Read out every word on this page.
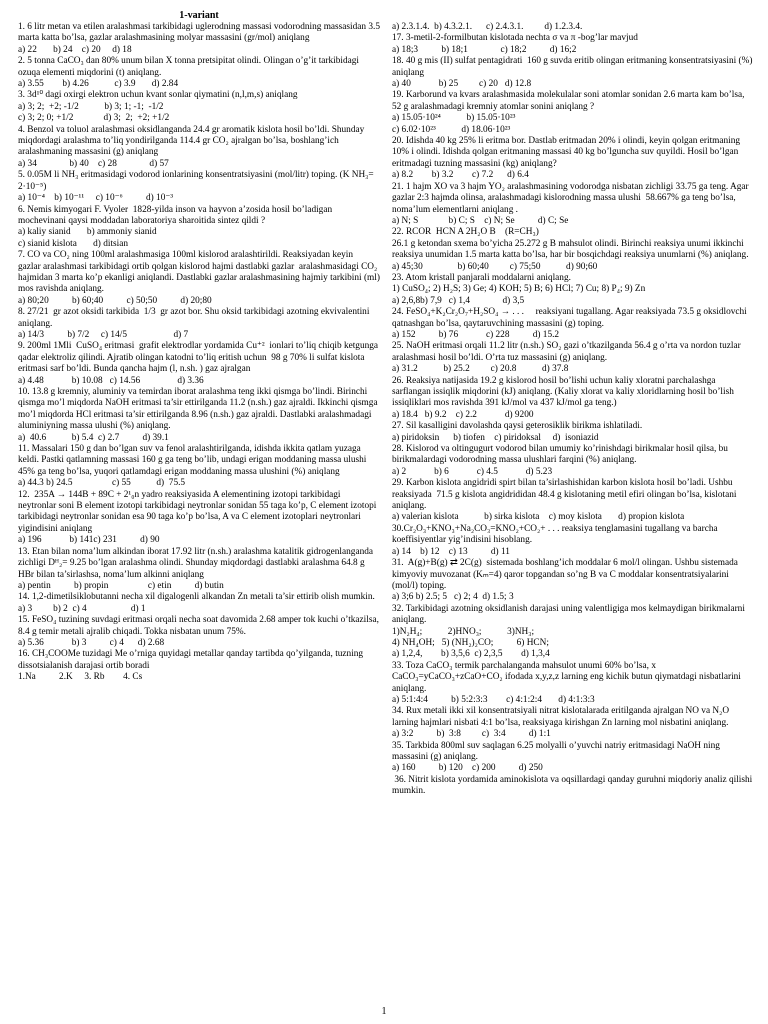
1-variant

1. 6 litr metan va etilen aralashmasi tarkibidagi uglerodning massasi vodorodning massasidan 3.5 marta katta bo’lsa, gazlar aralashmasining molyar massasini (gr/mol) aniqlang

a) 22       b) 24    c) 20     d) 18

2. 5 tonna CaCO₃ dan 80% unum bilan X tonna pretsipitat olindi. Olingan o’g’it tarkibidagi ozuqa elementi miqdorini (t) aniqlang.

a) 3.55        b) 4.26           c) 3.9       d) 2.84

3. 3d¹⁰ dagi oxirgi elektron uchun kvant sonlar qiymatini (n,l,m,s) aniqlang

a) 3; 2;  +2; -1/2           b) 3; 1; -1;  -1/2

c) 3; 2; 0; +1/2             d) 3;  2;  +2; +1/2

4. Benzol va toluol aralashmasi oksidlanganda 24.4 gr aromatik kislota hosil bo’ldi. Shunday miqdordagi aralashma to’liq yondirilganda 114.4 gr CO₂ ajralgan bo’lsa, boshlang’ich aralashmaning massasini (g) aniqlang

a) 34              b) 40    c) 28              d) 57

5. 0.05M li NH₃ eritmasidagi vodorod ionlarining konsentratsiyasini (mol/litr) toping. (K NH₃= 2·10⁻⁵)

a) 10⁻⁴    b) 10⁻¹¹     c) 10⁻⁶          d) 10⁻³

6. Nemis kimyogari F. Vyoler  1828-yilda inson va hayvon a’zosida hosil bo’ladigan mochevinani qaysi moddadan laboratoriya sharoitida sintez qildi ?

a) kaliy sianid       b) ammoniy sianid

c) sianid kislota       d) ditsian

7. CO va CO₂ ning 100ml aralashmasiga 100ml kislorod aralashtirildi. Reaksiyadan keyin  gazlar aralashmasi tarkibidagi ortib qolgan kislorod hajmi dastlabki gazlar  aralashmasidagi CO₂  hajmidan 3 marta ko’p ekanligi aniqlandi. Dastlabki gazlar aralashmasining hajmiy tarkibini (ml) mos ravishda aniqlang.

a) 80;20          b) 60;40          c) 50;50          d) 20;80

8. 27/21  gr azot oksidi tarkibida  1/3  gr azot bor. Shu oksid tarkibidagi azotning ekvivalentini aniqlang.

a) 14/3          b) 7/2     c) 14/5                    d) 7

9. 200ml 1Mli  CuSO₄ eritmasi  grafit elektrodlar yordamida Cu⁺²  ionlari to’liq chiqib ketgunga qadar elektroliz qilindi. Ajratib olingan katodni to’liq eritish uchun  98 g 70% li sulfat kislota eritmasi sarf bo’ldi. Bunda qancha hajm (l, n.sh. ) gaz ajralgan

a) 4.48            b) 10.08   c) 14.56                d) 3.36

10. 13.8 g kremniy, aluminiy va temirdan iborat aralashma teng ikki qismga bo’lindi. Birinchi qismga mo’l miqdorda NaOH eritmasi ta’sir ettirilganda 11.2 (n.sh.) gaz ajraldi. Ikkinchi qismga mo’l miqdorda HCl eritmasi ta’sir ettirilganda 8.96 (n.sh.) gaz ajraldi. Dastlabki aralashmadagi aluminiyning massa ulushi (%) aniqlang.

a)  40.6           b) 5.4  c) 2.7          d) 39.1

11. Massalari 150 g dan bo’lgan suv va fenol aralashtirilganda, idishda ikkita qatlam yuzaga keldi. Pastki qatlamning massasi 160 g ga teng bo’lib, undagi erigan moddaning massa ulushi 45% ga teng bo’lsa, yuqori qatlamdagi erigan moddaning massa ulushini (%) aniqlang

a) 44.3 b) 24.5                 c) 55           d)  75.5

12.  235A → 144B + 89C + 2¹₀n yadro reaksiyasida A elementining izotopi tarkibidagi neytronlar soni B element izotopi tarkibidagi neytronlar sonidan 55 taga ko’p, C element izotopi tarkibidagi neytronlar sonidan esa 90 taga ko’p bo’lsa, A va C element izotoplari neytronlari yigindisini aniqlang

a) 196            b) 141c) 231          d) 90

13. Etan bilan noma’lum alkindan iborat 17.92 litr (n.sh.) aralashma katalitik gidrogenlanganda zichligi Dᴴ₂= 9.25 bo’lgan aralashma olindi. Shunday miqdordagi dastlabki aralashma 64.8 g HBr bilan ta’sirlashsa, noma’lum alkinni aniqlang

a) pentin          b) propin                 c) etin          d) butin

14. 1,2-dimetilsiklobutanni necha xil digalogenli alkandan Zn metali ta’sir ettirib olish mumkin.

a) 3         b) 2  c) 4                   d) 1

15. FeSO₄ tuzining suvdagi eritmasi orqali necha soat davomida 2.68 amper tok kuchi o’tkazilsa, 8.4 g temir metali ajralib chiqadi. Tokka nisbatan unum 75%.

a) 5.36            b) 3          c) 4      d) 2.68

16. CH₃COOMe tuzidagi Me o’rniga quyidagi metallar qanday tartibda qo’yilganda, tuzning dissotsialanish darajasi ortib boradi

1.Na          2.K     3. Rb        4. Cs

a) 2.3.1.4.  b) 4.3.2.1.      c) 2.4.3.1.         d) 1.2.3.4.

17. 3-metil-2-formilbutan kislotada nechta σ va π -bog’lar mavjud

a) 18;3          b) 18;1              c) 18;2          d) 16;2

18. 40 g mis (II) sulfat pentagidrati  160 g suvda eritib olingan eritmaning konsentratsiyasini (%) aniqlang

a) 40            b) 25         c) 20   d) 12.8

19. Karborund va kvars aralashmasida molekulalar soni atomlar sonidan 2.6 marta kam bo’lsa, 52 g aralashmadagi kremniy atomlar sonini aniqlang ?

a) 15.05·10²⁴           b) 15.05·10²³

c) 6.02·10²³           d) 18.06·10²³

20. Idishda 40 kg 25% li eritma bor. Dastlab eritmadan 20% i olindi, keyin qolgan eritmaning 10% i olindi. Idishda qolgan eritmaning massasi 40 kg bo’lguncha suv quyildi. Hosil bo’lgan eritmadagi tuzning massasini (kg) aniqlang?

a) 8.2        b) 3.2        c) 7.2      d) 6.4

21. 1 hajm XO va 3 hajm YO₂ aralashmasining vodorodga nisbatan zichligi 33.75 ga teng. Agar gazlar 2:3 hajmda olinsa, aralashmadagi kislorodning massa ulushi  58.667% ga teng bo’lsa, noma’lum elementlarni aniqlang .

a) N; S             b) C; S    c) N; Se          d) C; Se

22. RCOR  HCN A 2H₂O B    (R=CH₃)

26.1 g ketondan sxema bo’yicha 25.272 g B mahsulot olindi. Birinchi reaksiya unumi ikkinchi reaksiya unumidan 1.5 marta katta bo’lsa, har bir bosqichdagi reaksiya unumlarni (%) aniqlang.

a) 45;30               b) 60;40         c) 75;50           d) 90;60

23. Atom kristall panjarali moddalarni aniqlang.

1) CuSO₄; 2) H₂S; 3) Ge; 4) KOH; 5) B; 6) HCl; 7) Cu; 8) P₄; 9) Zn

a) 2,6,8b) 7,9   c) 1,4              d) 3,5

24. FeSO₄+K₂Cr₂O₇+H₂SO₄ → . . .     reaksiyani tugallang. Agar reaksiyada 73.5 g oksidlovchi qatnashgan bo’lsa, qaytaruvchining massasini (g) toping.

a) 152          b) 76            c) 228          d) 15.2

25. NaOH eritmasi orqali 11.2 litr (n.sh.) SO₂ gazi o’tkazilganda 56.4 g o’rta va nordon tuzlar aralashmasi hosil bo’ldi. O’rta tuz massasini (g) aniqlang.

a) 31.2           b) 25.2         c) 20.8           d) 37.8

26. Reaksiya natijasida 19.2 g kislorod hosil bo’lishi uchun kaliy xloratni parchalashga sarflangan issiqlik miqdorini (kJ) aniqlang. (Kaliy xlorat va kaliy xloridlarning hosil bo’lish issiqliklari mos ravishda 391 kJ/mol va 437 kJ/mol ga teng.)

a) 18.4   b) 9.2    c) 2.2            d) 9200

27. Sil kasalligini davolashda qaysi geterosiklik birikma ishlatiladi.

a) piridoksin      b) tiofen    c) piridoksal     d)  isoniazid

28. Kislorod va oltingugurt vodorod bilan umumiy ko’rinishdagi birikmalar hosil qilsa, bu birikmalardagi vodorodning massa ulushlari farqini (%) aniqlang.

a) 2            b) 6            c) 4.5            d) 5.23

29. Karbon kislota angidridi spirt bilan ta’sirlashishidan karbon kislota hosil bo’ladi. Ushbu reaksiyada  71.5 g kislota angidrididan 48.4 g kislotaning metil efiri olingan bo’lsa, kislotani aniqlang.

a) valerian kislota           b) sirka kislota    c) moy kislota       d) propion kislota

30.Cr₂O₃+KNO₃+Na₂CO₃=KNO₂+CO₂+ . . . reaksiya tenglamasini tugallang va barcha koeffisiyentlar yig’indisini hisoblang.

a) 14    b) 12    c) 13          d) 11

31.  A(g)+B(g) ⇄ 2C(g)  sistemada boshlang’ich moddalar 6 mol/l olingan. Ushbu sistemada kimyoviy muvozanat (Kₘ=4) qaror topgandan so’ng B va C moddalar konsentratsiyalarini (mol/l) toping.

a) 3;6 b) 2.5; 5   c) 2; 4  d) 1.5; 3

32. Tarkibidagi azotning oksidlanish darajasi uning valentligiga mos kelmaydigan birikmalarni aniqlang.

1)N₂H₄;           2)HNO₃;           3)NH₃;

4) NH₄OH;   5) (NH₂)₂CO;          6) HCN;

a) 1,2,4,        b) 3,5,6  c) 2,3,5        d) 1,3,4

33. Toza CaCO₃ termik parchalanganda mahsulot unumi 60% bo’lsa, x CaCO₃=yCaCO₃+zCaO+CO₂ ifodada x,y,z,z larning eng kichik butun qiymatdagi nisbatlarini aniqlang.

a) 5:1:4:4          b) 5:2:3:3        c) 4:1:2:4       d) 4:1:3:3

34. Rux metali ikki xil konsentratsiyali nitrat kislotalarada eritilganda ajralgan NO va N₂O larning hajmlari nisbati 4:1 bo’lsa, reaksiyaga kirishgan Zn larning mol nisbatini aniqlang.

a) 3:2          b)  3:8         c)  3:4          d) 1:1

35. Tarkbida 800ml suv saqlagan 6.25 molyalli o’yuvchi natriy eritmasidagi NaOH ning massasini (g) aniqlang.

a) 160          b) 120    c) 200          d) 250

36. Nitrit kislota yordamida aminokislota va oqsillardagi qanday guruhni miqdoriy analiz qilishi mumkin.

1
